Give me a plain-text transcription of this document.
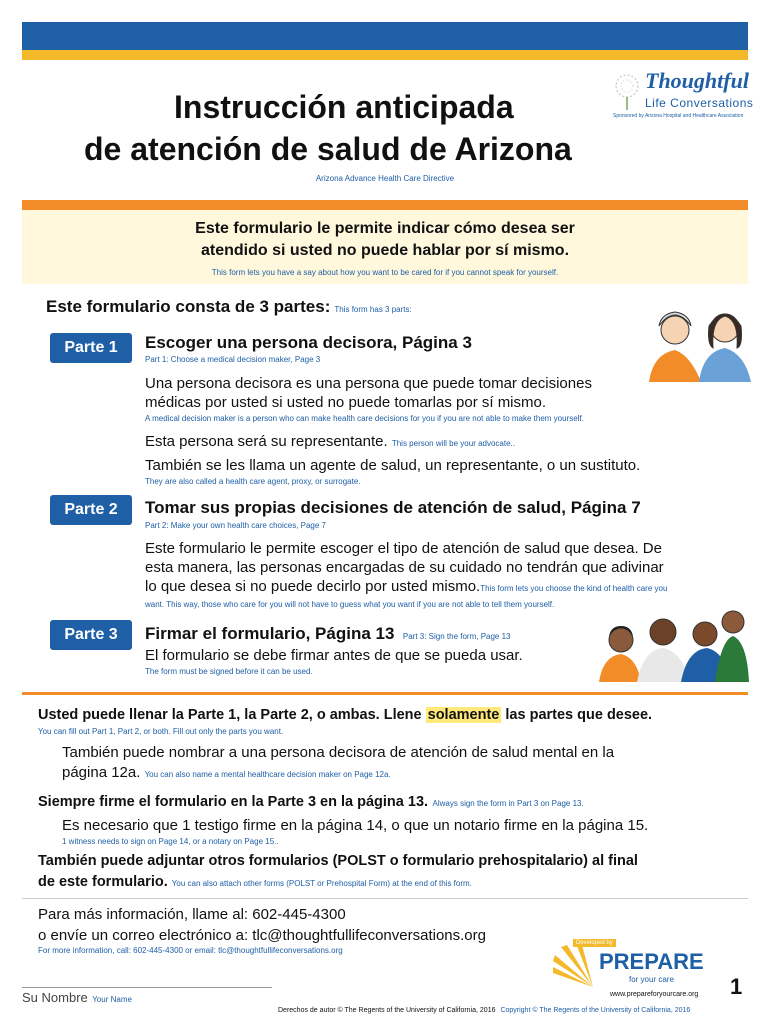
Thoughtful
Life Conversations
Sponsored by Arizona Hospital and Healthcare Association
Instrucción anticipada
de atención de salud de Arizona
Arizona Advance Health Care Directive
Este formulario le permite indicar cómo desea ser
atendido si usted no puede hablar por sí mismo.
This form lets you have a say about how you want to be cared for if you cannot speak for yourself.
Este formulario consta de 3 partes: This form has 3 parts:
Parte 1	Escoger una persona decisora, Página 3
Part 1: Choose a medical decision maker, Page 3
Una persona decisora es una persona que puede tomar decisiones
médicas por usted si usted no puede tomarlas por sí mismo.
A medical decision maker is a person who can make health care decisions for you if you are not able to make them yourself.
Esta persona será su representante. This person will be your advocate..
También se les llama un agente de salud, un representante, o un sustituto.
They are also called a health care agent, proxy, or surrogate.
Parte 2	Tomar sus propias decisiones de atención de salud, Página 7
Part 2: Make your own health care choices, Page 7
Este formulario le permite escoger el tipo de atención de salud que desea. De
esta manera, las personas encargadas de su cuidado no tendrán que adivinar
lo que desea si no puede decirlo por usted mismo.This form lets you choose the kind of health care you
want. This way, those who care for you will not have to guess what you want if you are not able to tell them yourself.
Parte 3	Firmar el formulario, Página 13 Part 3: Sign the form, Page 13
El formulario se debe firmar antes de que se pueda usar.
The form must be signed before it can be used.
Usted puede llenar la Parte 1, la Parte 2, o ambas. Llene solamente las partes que desee.
You can fill out Part 1, Part 2, or both. Fill out only the parts you want.
También puede nombrar a una persona decisora de atención de salud mental en la
página 12a. You can also name a mental healthcare decision maker on Page 12a.
Siempre firme el formulario en la Parte 3 en la página 13. Always sign the form in Part 3 on Page 13.
Es necesario que 1 testigo firme en la página 14, o que un notario firme en la página 15.
1 witness needs to sign on Page 14, or a notary on Page 15..
También puede adjuntar otros formularios (POLST o formulario prehospitalario) al final
de este formulario. You can also attach other forms (POLST or Prehospital Form) at the end of this form.
Para más información, llame al: 602-445-4300
o envíe un correo electrónico a: tlc@thoughtfullifeconversations.org
For more information, call: 602-445-4300 or email: tlc@thoughtfullifeconversations.org
Su Nombre Your Name
Developed by
PREPARE
for your care
www.prepareforyourcare.org 1
Derechos de autor © The Regents of the University of California, 2016 Copyright © The Regents of the University of California, 2016
